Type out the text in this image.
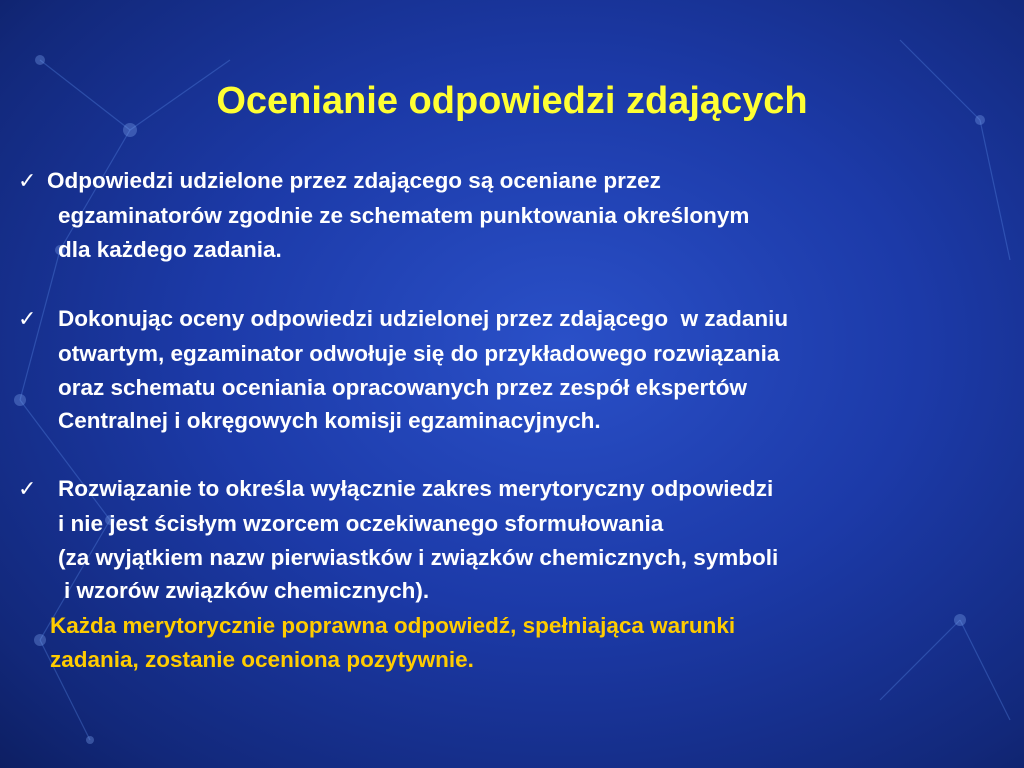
Ocenianie odpowiedzi zdających
✓ Odpowiedzi udzielone przez zdającego są oceniane przez

egzaminatorów zgodnie ze schematem punktowania określonym

dla każdego zadania.

✓ Dokonując oceny odpowiedzi udzielonej przez zdającego  w zadaniu

otwartym, egzaminator odwołuje się do przykładowego rozwiązania

oraz schematu oceniania opracowanych przez zespół ekspertów

Centralnej i okręgowych komisji egzaminacyjnych.

✓ Rozwiązanie to określa wyłącznie zakres merytoryczny odpowiedzi

i nie jest ścisłym wzorcem oczekiwanego sformułowania

(za wyjątkiem nazw pierwiastków i związków chemicznych, symboli

i wzorów związków chemicznych).

Każda merytorycznie poprawna odpowiedź, spełniająca warunki

zadania, zostanie oceniona pozytywnie.
